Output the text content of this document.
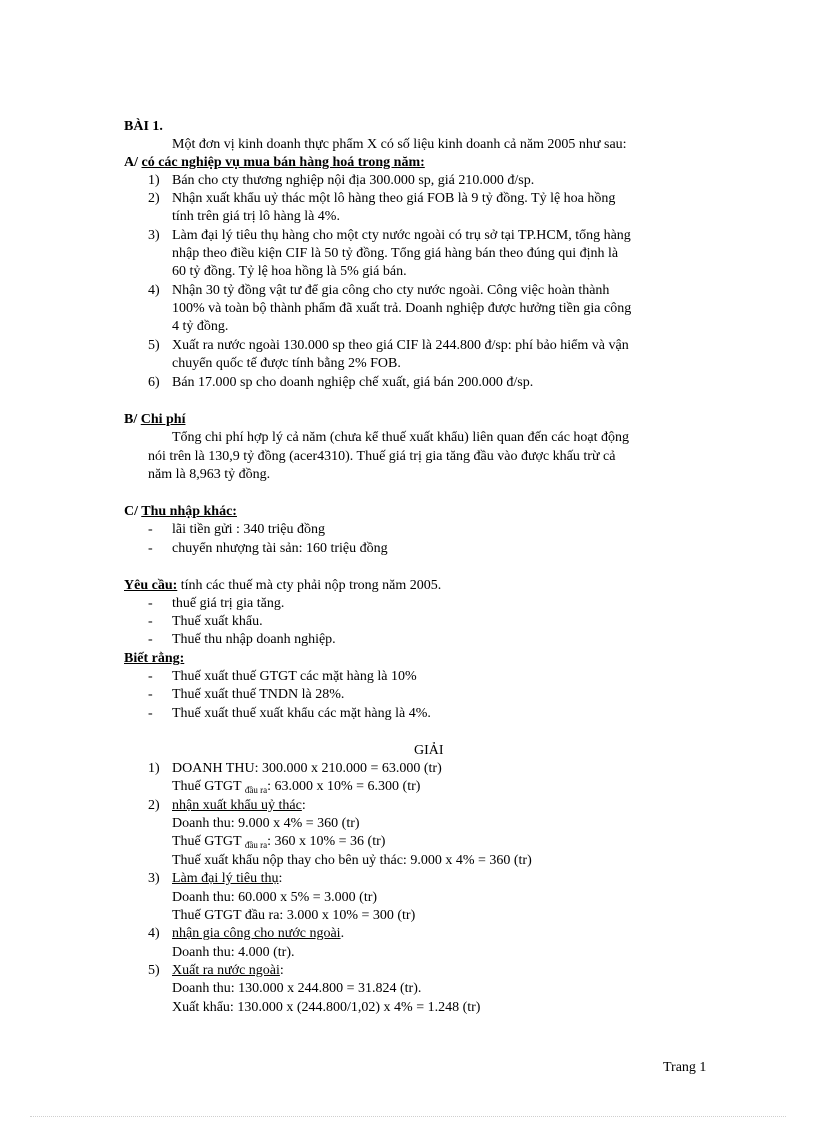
BÀI 1.
Một đơn vị kinh doanh thực phẩm X có số liệu kinh doanh cả năm 2005 như sau:
A/ có các nghiệp vụ mua bán hàng hoá trong năm:
1) Bán cho cty thương nghiệp nội địa 300.000 sp, giá 210.000 đ/sp.
2) Nhận xuất khẩu uỷ thác một lô hàng theo giá FOB là 9 tỷ đồng. Tỷ lệ hoa hồng
tính trên giá trị lô hàng là 4%.
3) Làm đại lý tiêu thụ hàng cho một cty nước ngoài có trụ sở tại TP.HCM, tổng hàng
nhập theo điều kiện CIF là 50 tỷ đồng. Tổng giá hàng bán theo đúng qui định là
60 tỷ đồng. Tỷ lệ hoa hồng là 5% giá bán.
4) Nhận 30 tỷ đồng vật tư để gia công cho cty nước ngoài. Công việc hoàn thành
100% và toàn bộ thành phẩm đã xuất trả. Doanh nghiệp được hưởng tiền gia công
4 tỷ đồng.
5) Xuất ra nước ngoài 130.000 sp theo giá CIF là 244.800 đ/sp: phí bảo hiểm và vận
chuyển quốc tế được tính bằng 2% FOB.
6) Bán 17.000 sp cho doanh nghiệp chế xuất, giá bán 200.000 đ/sp.
B/ Chi phí
Tổng chi phí hợp lý cả năm (chưa kể thuế xuất khẩu) liên quan đến các hoạt động
nói trên là 130,9 tỷ đồng (acer4310). Thuế giá trị gia tăng đầu vào được khấu trừ cả
năm là 8,963 tỷ đồng.
C/ Thu nhập khác:
- lãi tiền gửi : 340 triệu đồng
- chuyển nhượng tài sản: 160 triệu đồng
Yêu cầu: tính các thuế mà cty phải nộp trong năm 2005.
- thuế giá trị gia tăng.
- Thuế xuất khẩu.
- Thuế thu nhập doanh nghiệp.
Biết rằng:
- Thuế xuất thuế GTGT các mặt hàng là 10%
- Thuế xuất thuế TNDN là 28%.
- Thuế xuất thuế xuất khẩu các mặt hàng là 4%.
GIẢI
1) DOANH THU: 300.000 x 210.000 = 63.000 (tr)
Thuế GTGT $_{đầu ra}$: 63.000 x 10% = 6.300 (tr)
2) nhận xuất khẩu uỷ thác:
Doanh thu: 9.000 x 4% = 360 (tr)
Thuế GTGT $_{đầu ra}$: 360 x 10% = 36 (tr)
Thuế xuất khẩu nộp thay cho bên uỷ thác: 9.000 x 4% = 360 (tr)
3) Làm đại lý tiêu thụ:
Doanh thu: 60.000 x 5% = 3.000 (tr)
Thuế GTGT đầu ra: 3.000 x 10% = 300 (tr)
4) nhận gia công cho nước ngoài.
Doanh thu: 4.000 (tr).
5) Xuất ra nước ngoài:
Doanh thu: 130.000 x 244.800 = 31.824 (tr).
Xuất khẩu: 130.000 x (244.800/1,02) x 4% = 1.248 (tr)
Trang 1
